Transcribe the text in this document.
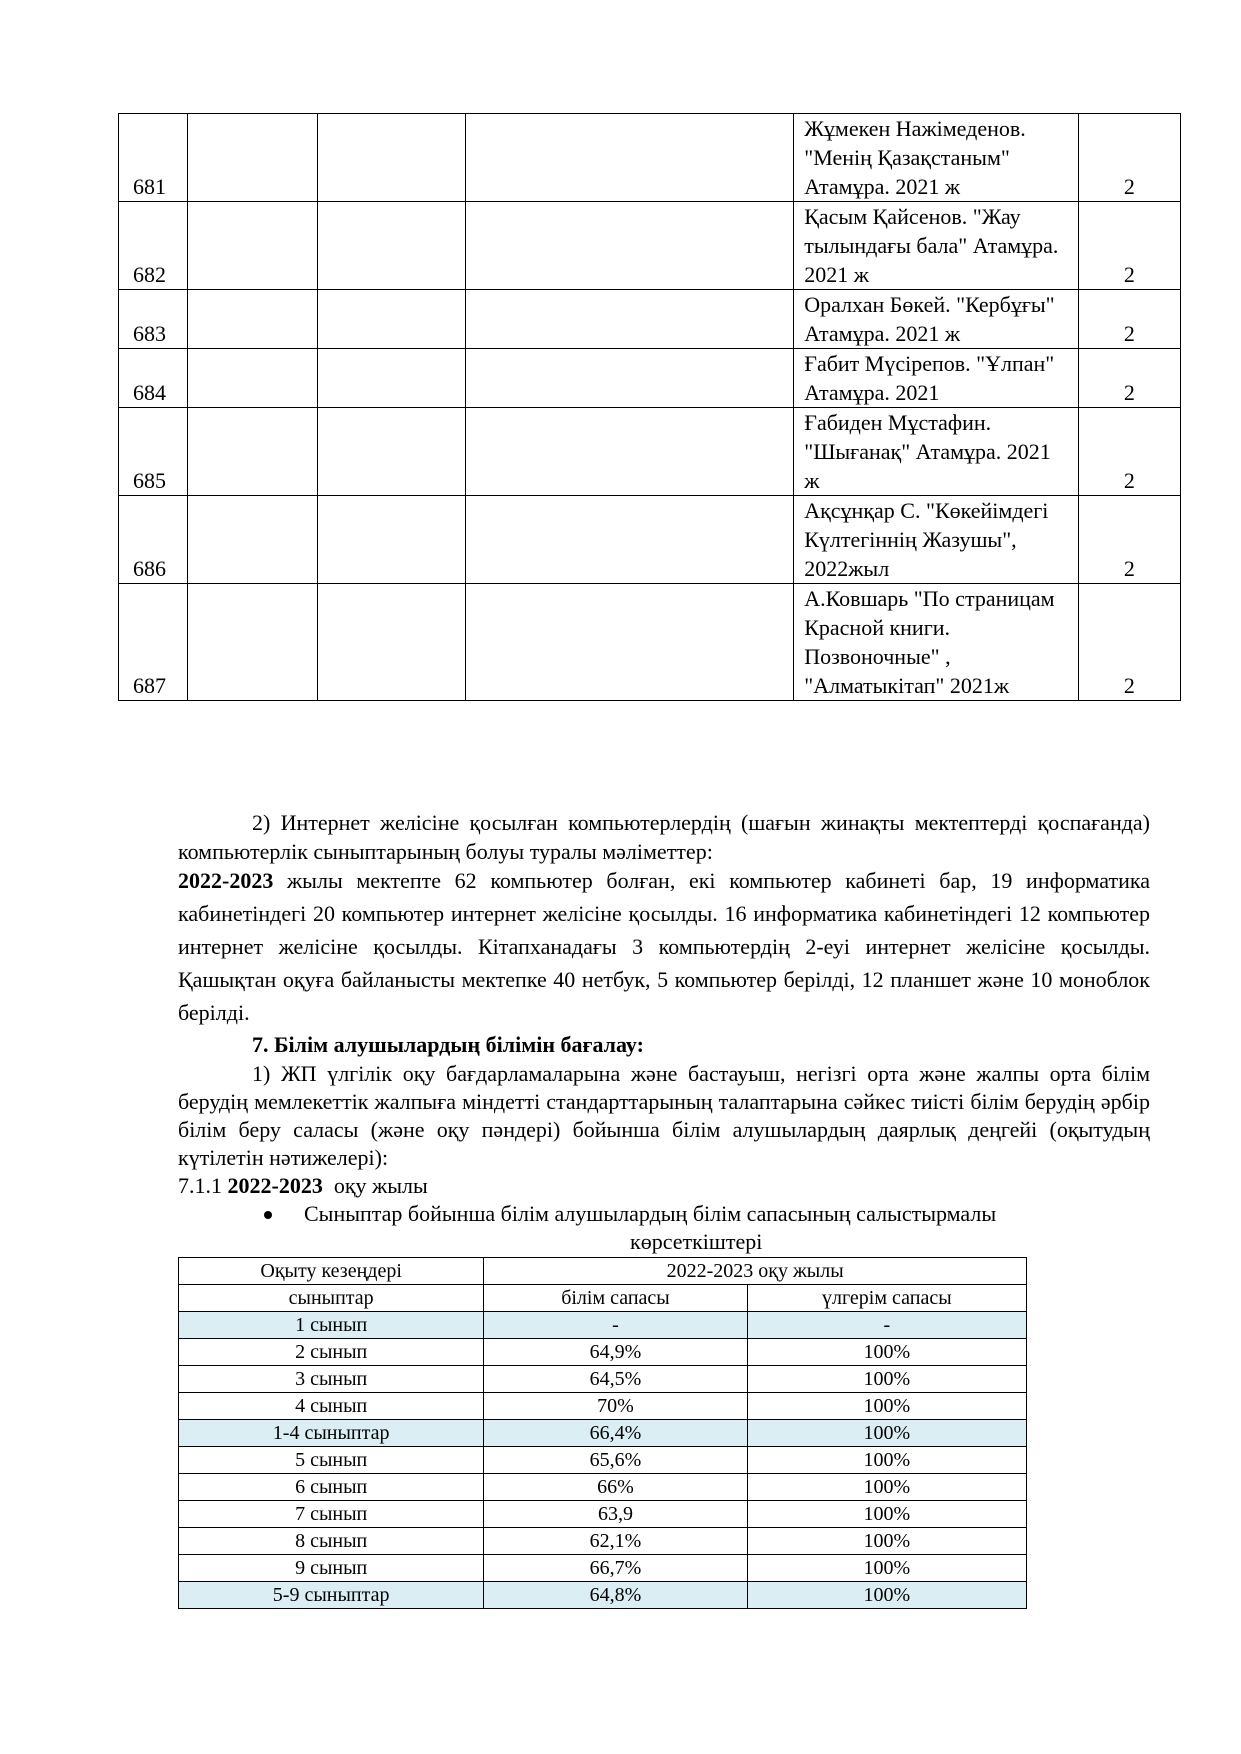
681				Жұмекен Нажімеденов. "Менің Қазақстаным" Атамұра. 2021 ж	2
682				Қасым Қайсенов. "Жау тылындағы бала" Атамұра. 2021 ж	2
683				Оралхан Бөкей. "Кербұғы" Атамұра. 2021 ж	2
684				Ғабит Мүсірепов. "Ұлпан" Атамұра. 2021	2
685				Ғабиден Мұстафин. "Шығанақ" Атамұра. 2021 ж	2
686				Ақсұнқар С. "Көкейімдегі Күлтегіннің Жазушы", 2022жыл	2
687				А.Ковшарь "По страницам Красной книги. Позвоночные" , "Алматыкітап" 2021ж	2
2) Интернет желісіне қосылған компьютерлердің (шағын жинақты мектептерді қоспағанда) компьютерлік сыныптарының болуы туралы мәліметтер:
2022-2023 жылы мектепте 62 компьютер болған, екі компьютер кабинеті бар, 19 информатика кабинетіндегі 20 компьютер интернет желісіне қосылды. 16 информатика кабинетіндегі 12 компьютер интернет желісіне қосылды. Кітапханадағы 3 компьютердің 2-еуі интернет желісіне қосылды. Қашықтан оқуға байланысты мектепке 40 нетбук, 5 компьютер берілді, 12 планшет және 10 моноблок берілді.
7. Білім алушылардың білімін бағалау:
1) ЖП үлгілік оқу бағдарламаларына және бастауыш, негізгі орта және жалпы орта білім берудің мемлекеттік жалпыға міндетті стандарттарының талаптарына сәйкес тиісті білім берудің әрбір білім беру саласы (және оқу пәндері) бойынша білім алушылардың даярлық деңгейі (оқытудың күтілетін нәтижелері):
7.1.1 2022-2023  оқу жылы
Сыныптар бойынша білім алушылардың білім сапасының салыстырмалы
көрсеткіштері
Оқыту кезеңдері	2022-2023 оқу жылы	
сыныптар	білім сапасы	үлгерім сапасы
1 сынып	-	-
2 сынып	64,9%	100%
3 сынып	64,5%	100%
4 сынып	70%	100%
1-4 сыныптар	66,4%	100%
5 сынып	65,6%	100%
6 сынып	66%	100%
7 сынып	63,9	100%
8 сынып	62,1%	100%
9 сынып	66,7%	100%
5-9 сыныптар	64,8%	100%
